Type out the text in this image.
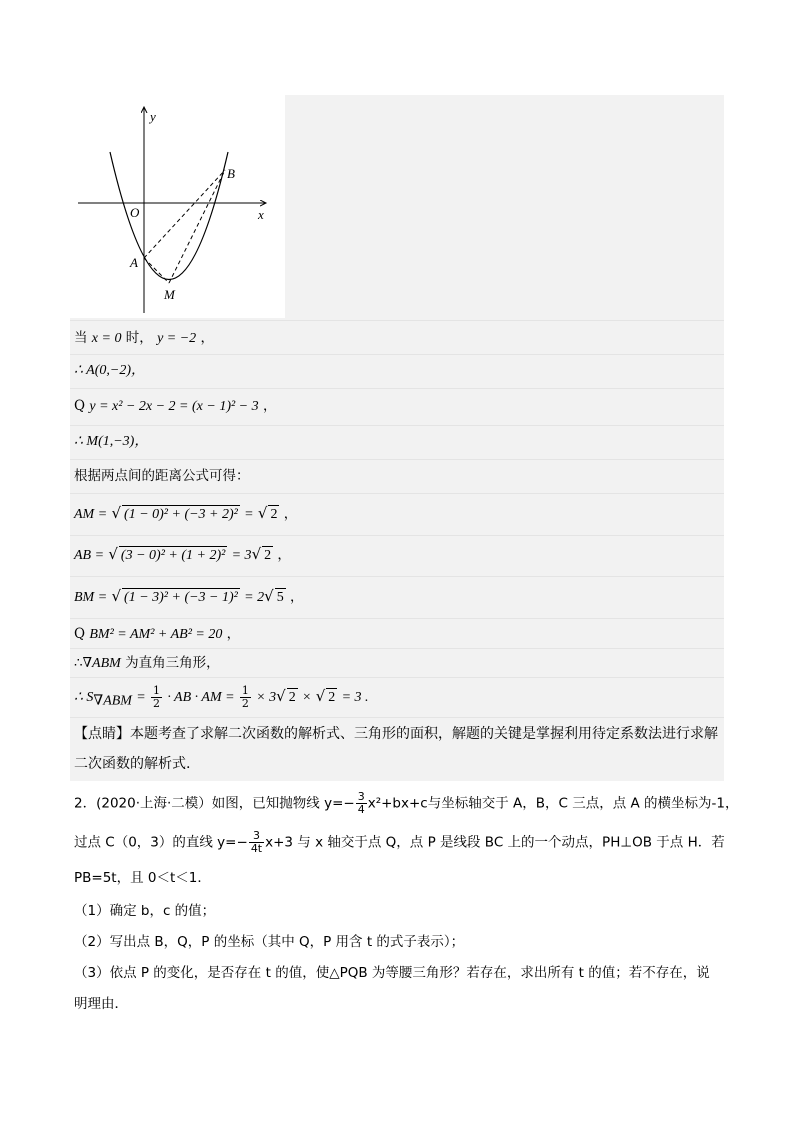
y
x
O
A
B
M
当 x = 0 时， y = −2 ，
∴ A(0,−2)，
Q y = x² − 2x − 2 = (x − 1)² − 3 ，
∴ M(1,−3)，
根据两点间的距离公式可得：
AM = √ (1 − 0)² + (−3 + 2)² = √ 2 ，
AB = √ (3 − 0)² + (1 + 2)² = 3√ 2 ，
BM = √ (1 − 3)² + (−3 − 1)² = 2√ 5 ，
Q BM² = AM² + AB² = 20 ，
∴∇ABM 为直角三角形，
∴ $S_{\nabla ABM} = \frac{1}{2}$ · AB · AM = $\frac{1}{2} \times 3√$ 2 × √ 2 = 3 .
【点睛】本题考查了求解二次函数的解析式、三角形的面积，解题的关键是掌握利用待定系数法进行求解
二次函数的解析式.
2．(2020·上海·二模）如图，已知抛物线 $y=- \frac{3}{4} x^2+bx+c$与坐标轴交于 A，B，C 三点，点 A 的横坐标为-1，
过点 C（0，3）的直线 $y=- \frac{3}{4t} x+3$ 与 x 轴交于点 Q，点 P 是线段 BC 上的一个动点，PH⊥OB 于点 H．若
PB=5t，且 0＜t＜1．
（1）确定 b，c 的值；
（2）写出点 B，Q，P 的坐标（其中 Q，P 用含 t 的式子表示）；
（3）依点 P 的变化，是否存在 t 的值，使△PQB 为等腰三角形？若存在，求出所有 t 的值；若不存在，说
明理由．
